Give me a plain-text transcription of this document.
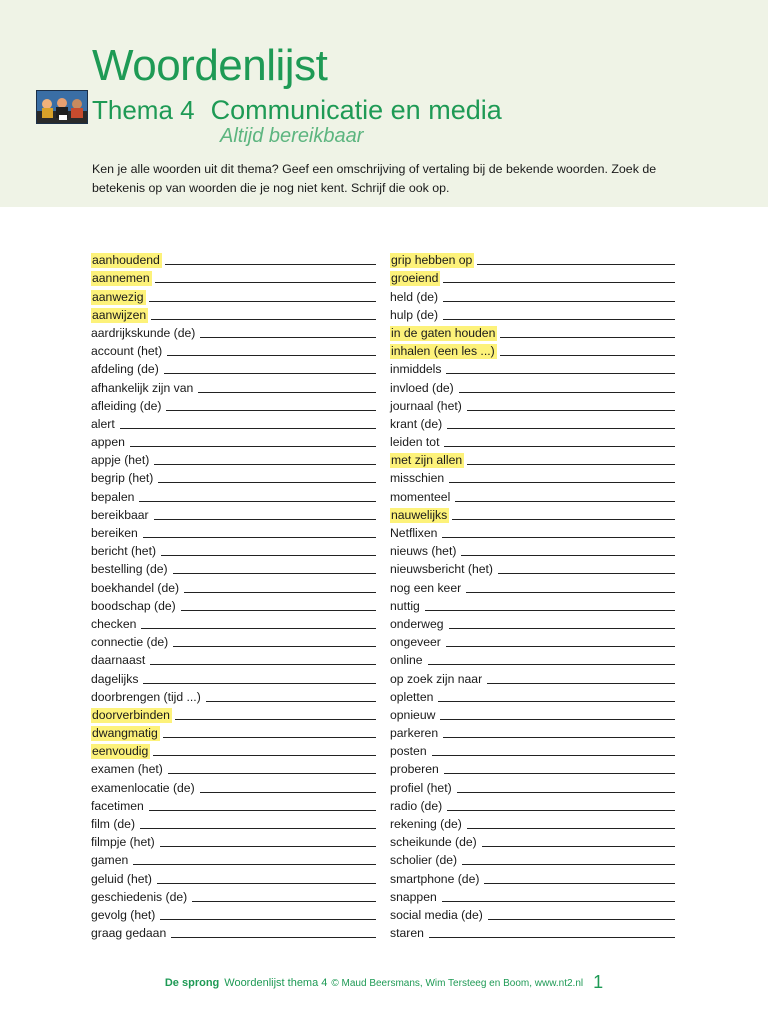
Woordenlijst
Thema 4 Communicatie en media
Altijd bereikbaar

Ken je alle woorden uit dit thema? Geef een omschrijving of vertaling bij de bekende woorden. Zoek de betekenis op van woorden die je nog niet kent. Schrijf die ook op.

aanhoudend
aannemen
aanwezig
aanwijzen
aardrijkskunde (de)
account (het)
afdeling (de)
afhankelijk zijn van
afleiding (de)
alert
appen
appje (het)
begrip (het)
bepalen
bereikbaar
bereiken
bericht (het)
bestelling (de)
boekhandel (de)
boodschap (de)
checken
connectie (de)
daarnaast
dagelijks
doorbrengen (tijd ...)
doorverbinden
dwangmatig
eenvoudig
examen (het)
examenlocatie (de)
facetimen
film (de)
filmpje (het)
gamen
geluid (het)
geschiedenis (de)
gevolg (het)
graag gedaan
grip hebben op
groeiend
held (de)
hulp (de)
in de gaten houden
inhalen (een les ...)
inmiddels
invloed (de)
journaal (het)
krant (de)
leiden tot
met zijn allen
misschien
momenteel
nauwelijks
Netflixen
nieuws (het)
nieuwsbericht (het)
nog een keer
nuttig
onderweg
ongeveer
online
op zoek zijn naar
opletten
opnieuw
parkeren
posten
proberen
profiel (het)
radio (de)
rekening (de)
scheikunde (de)
scholier (de)
smartphone (de)
snappen
social media (de)
staren
De sprong Woordenlijst thema 4 © Maud Beersmans, Wim Tersteeg en Boom, www.nt2.nl 1
